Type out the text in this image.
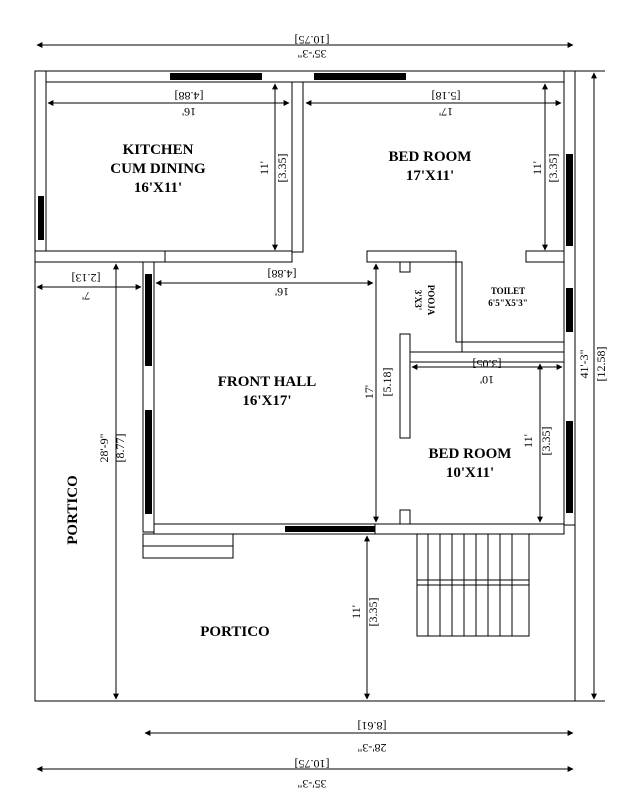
KITCHEN
CUM DINING
16'X11'
BED ROOM
17'X11'
POOJA
3'X3'	TOILET
6'5"X5'3"
FRONT HALL
16'X17'
BED ROOM
10'X11'
PORTICO
PORTICO
[10.75]
35'-3"
[4.88]
16'
[5.18]
17'
11' [3.35]	11' [3.35]
[2.13]
7'
[4.88]
16'
17' [5.18]
[3.05]
10'
11' [3.35]
41'-3" [12.58]
28'-9" [8.77]
11' [3.35]
[8.61]
28'-3"
[10.75]
35'-3"
